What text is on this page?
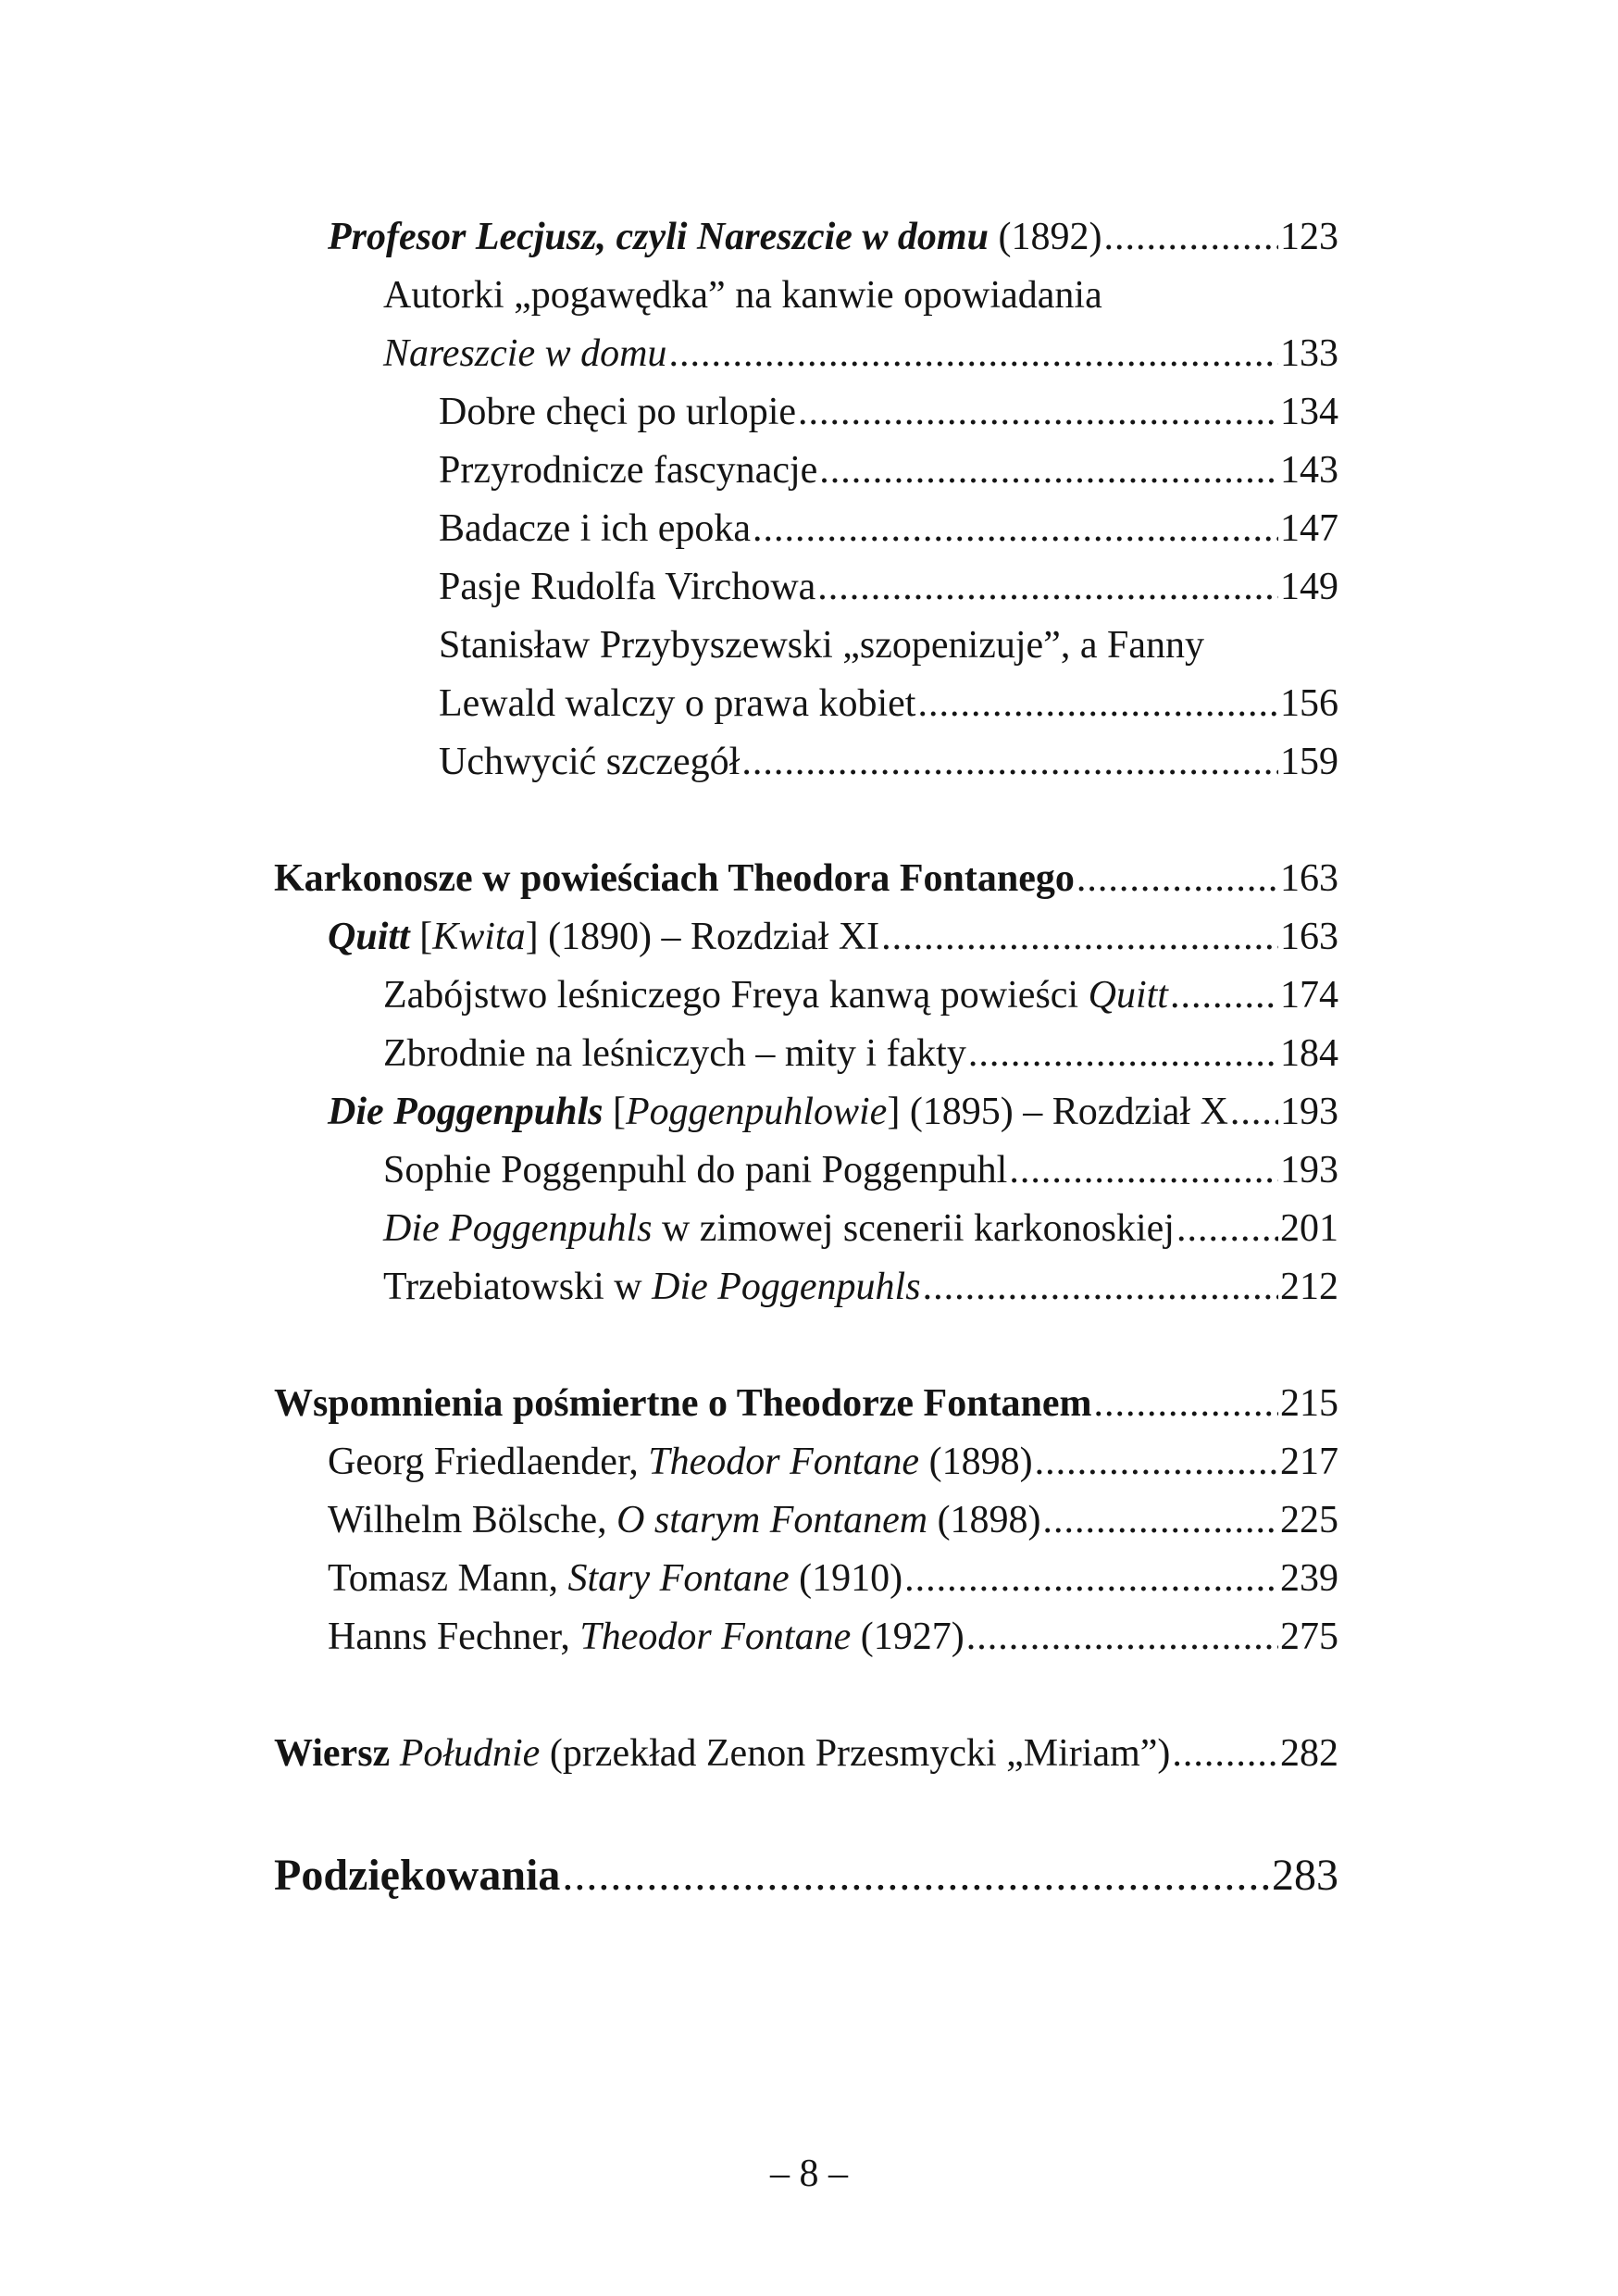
Profesor Lecjusz, czyli Nareszcie w domu (1892) .....	123
Autorki „pogawędka” na kanwie opowiadania
Nareszcie w domu .....	133
Dobre chęci po urlopie .....	134
Przyrodnicze fascynacje .....	143
Badacze i ich epoka .....	147
Pasje Rudolfa Virchowa .....	149
Stanisław Przybyszewski „szopenizuje”, a Fanny
Lewald walczy o prawa kobiet .....	156
Uchwycić szczegół .....	159
Karkonosze w powieściach Theodora Fontanego .....	163
Quitt [Kwita] (1890) – Rozdział XI .....	163
Zabójstwo leśniczego Freya kanwą powieści Quitt .....	174
Zbrodnie na leśniczych – mity i fakty .....	184
Die Poggenpuhls [Poggenpuhlowie] (1895) – Rozdział X ..... 193
Sophie Poggenpuhl do pani Poggenpuhl .....	193
Die Poggenpuhls w zimowej scenerii karkonoskiej .....	201
Trzebiatowski w Die Poggenpuhls .....	212
Wspomnienia pośmiertne o Theodorze Fontanem .....	215
Georg Friedlaender, Theodor Fontane (1898) .....	217
Wilhelm Bölsche, O starym Fontanem (1898) .....	225
Tomasz Mann, Stary Fontane (1910) .....	239
Hanns Fechner, Theodor Fontane (1927) .....	275
Wiersz Południe (przekład Zenon Przesmycki „Miriam”) .....	282
Podziękowania .....	283
– 8 –
